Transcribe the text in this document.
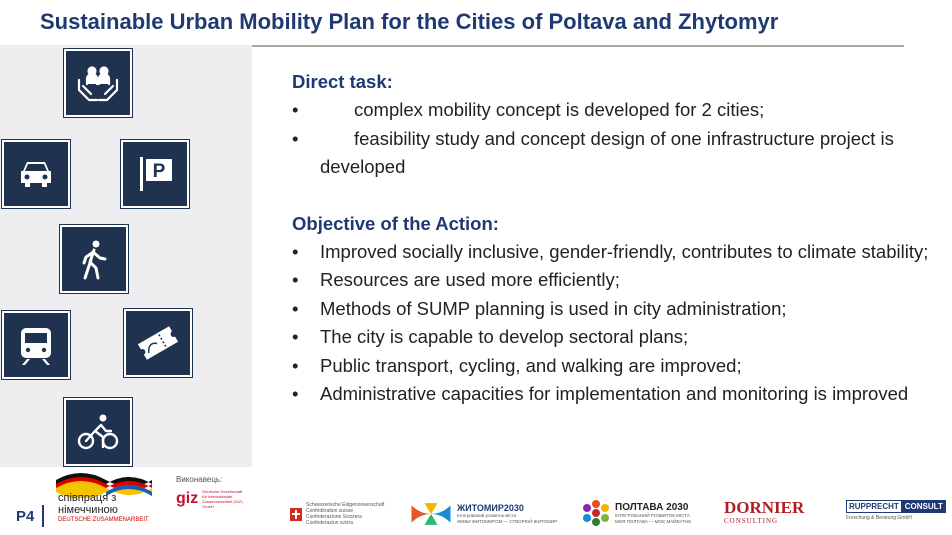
Sustainable Urban Mobility Plan for the Cities of Poltava and Zhytomyr
P
Direct task:
•	complex mobility concept is developed for 2 cities;
•	feasibility study and concept design of one infrastructure project is developed
Objective of the Action:
• Improved socially inclusive, gender-friendly, contributes to climate stability;
• Resources are used more efficiently;
• Methods of SUMP planning is used in city administration;
• The city is capable to develop sectoral plans;
• Public transport, cycling, and walking are improved;
• Administrative capacities for implementation and monitoring is improved
P4
співпраця з
німеччиною
DEUTSCHE ZUSAMMENARBEIT
Виконавець:
giz Deutsche Gesellschaft für Internationale Zusammenarbeit (GIZ) GmbH	Schweizerische Eidgenossenschaft
Confédération suisse
Confederazione Svizzera
Confederaziun svizra
ЖИТОМИР2030
Інтегрований розвиток міста
ЖИВИ ЖИТОМИРОМ — СТВОРЮЙ ЖИТОМИР
ПОЛТАВА 2030
ІНТЕГРОВАНИЙ РОЗВИТОК МІСТА
МОЯ ПОЛТАВА — МОЄ МАЙБУТНЄ
DORNIER
CONSULTING
RUPPRECHT CONSULT
Forschung & Beratung GmbH
